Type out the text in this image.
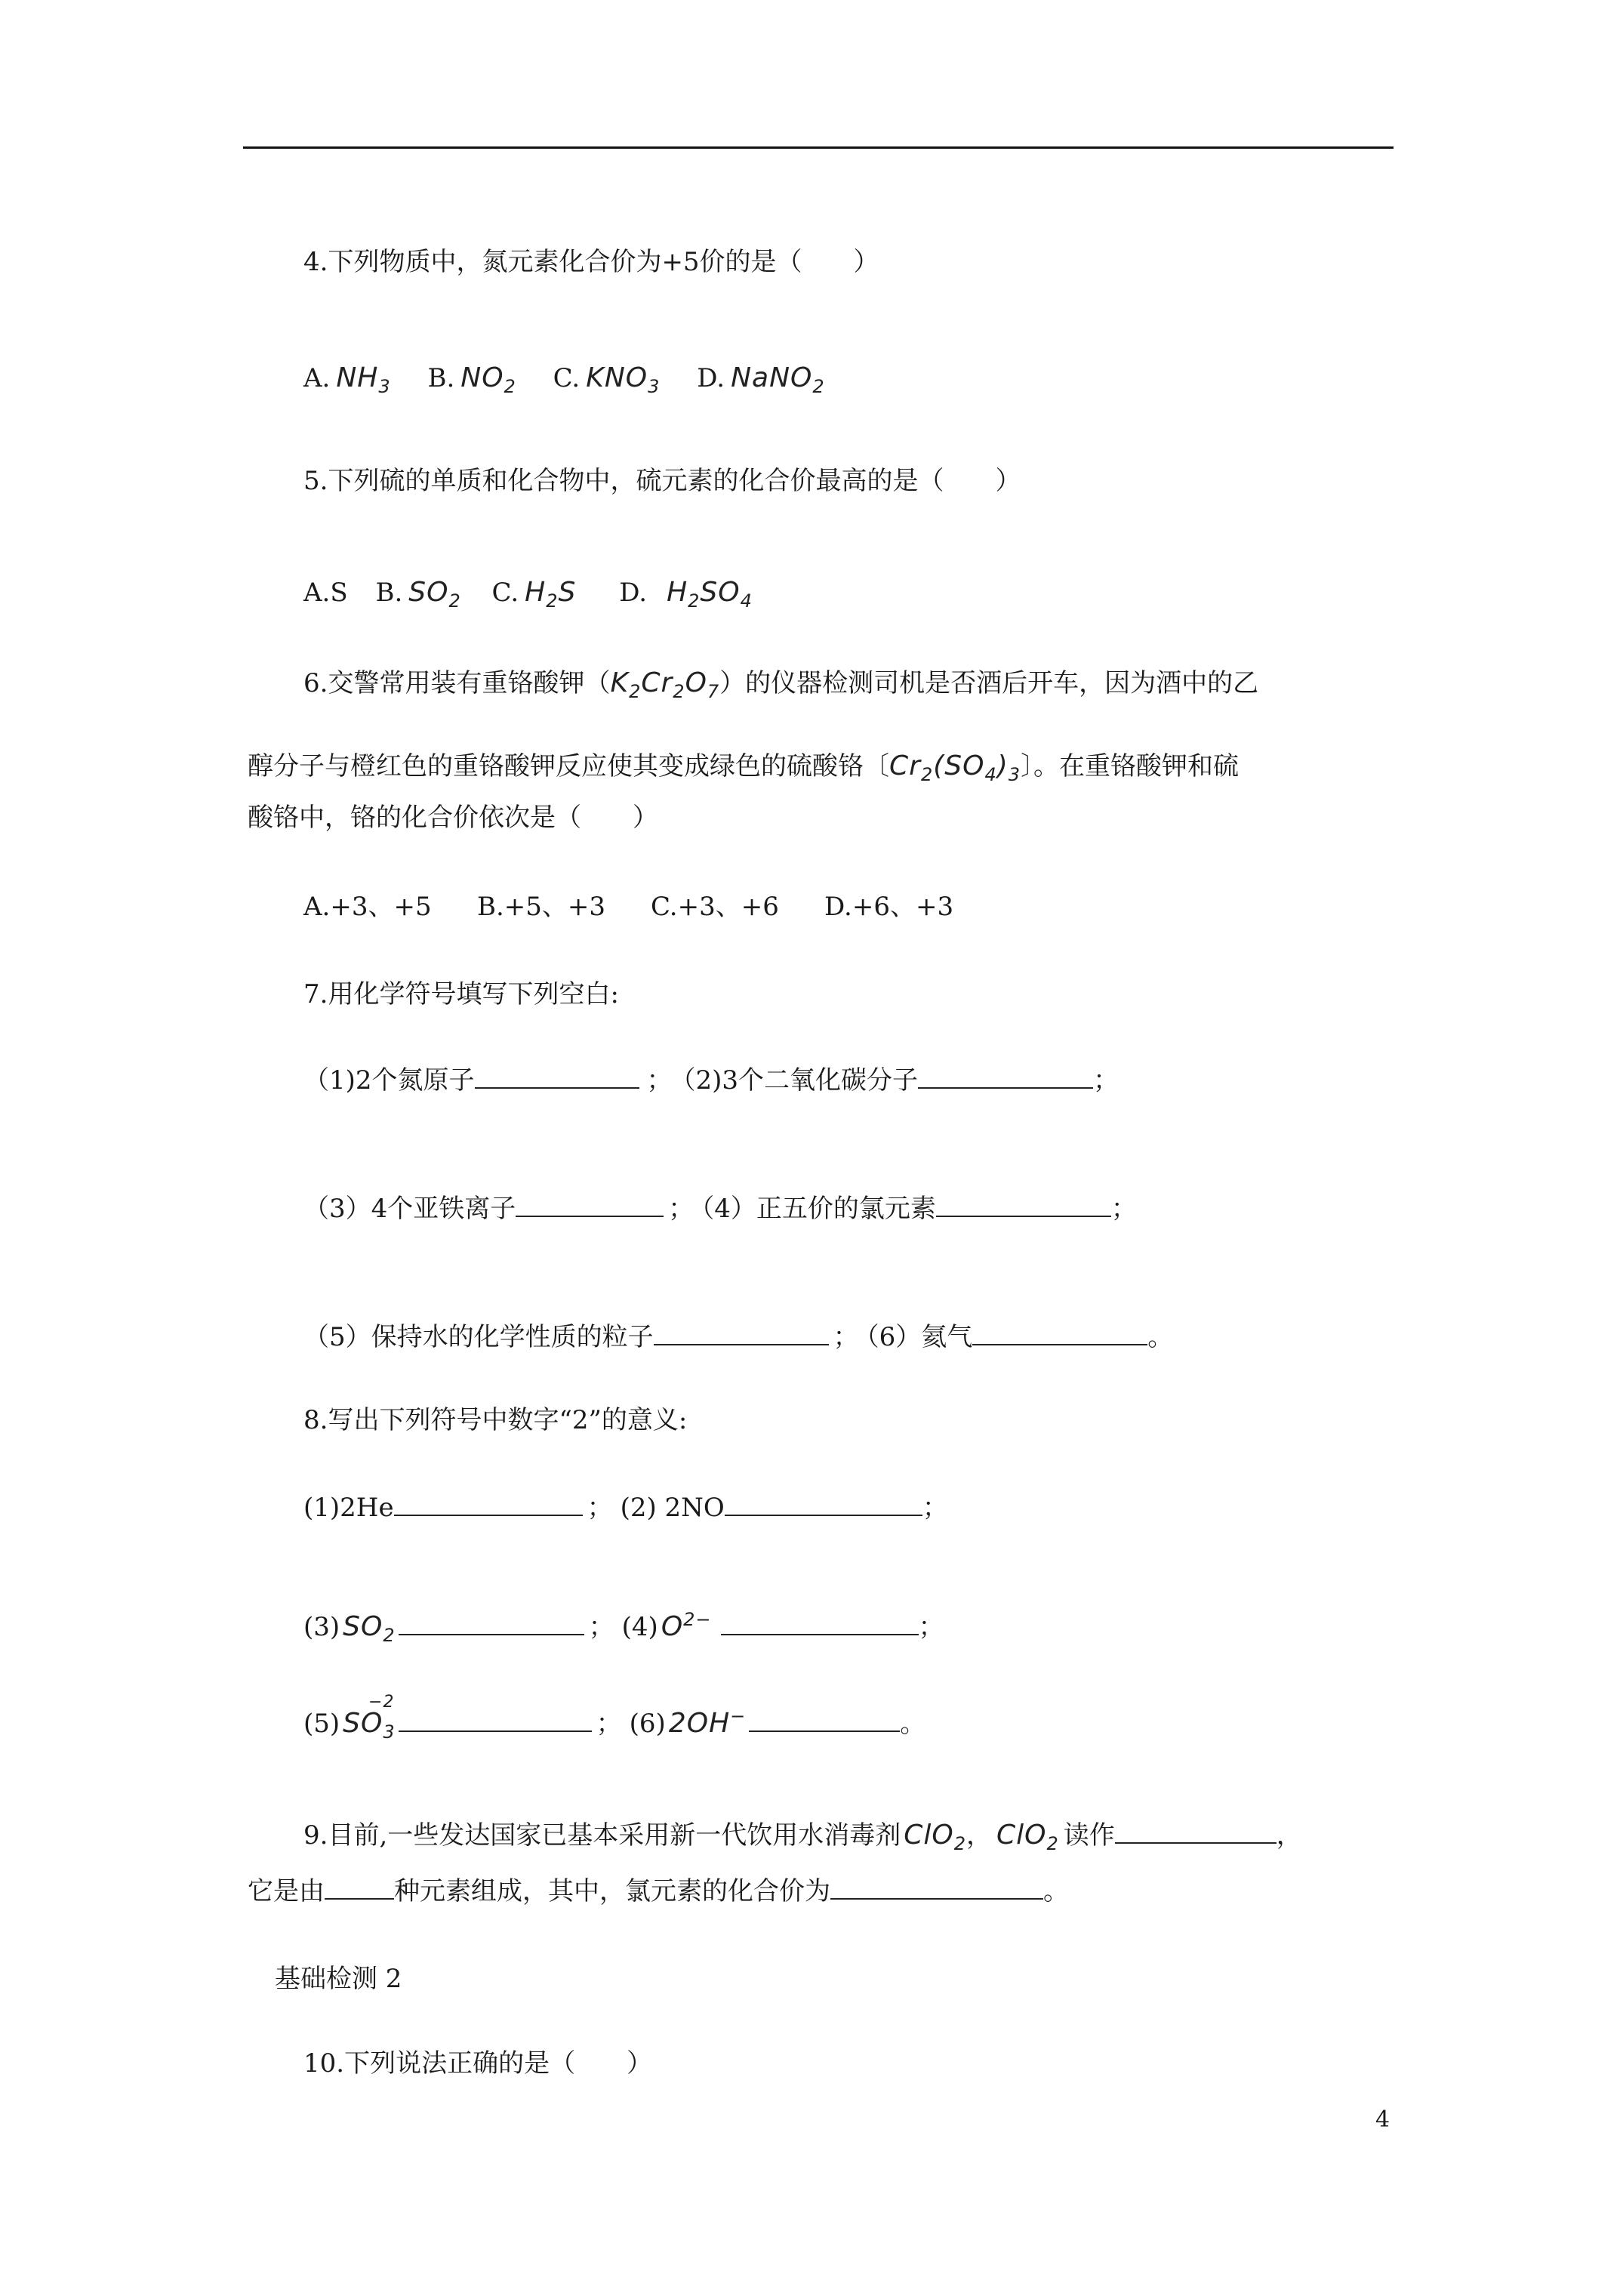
4.下列物质中，氮元素化合价为+5价的是（　　）
A. $NH_3$ B. $NO_2$ C. $KNO_3$ D. NaNO$_2$
5.下列硫的单质和化合物中，硫元素的化合价最高的是（　　）
A.S B. $SO_2$ C. $H_2S$ D. $H_2SO_4$
6.交警常用装有重铬酸钾$(K_2Cr_2O_7)$的仪器检测司机是否酒后开车，因为酒中的乙
醇分子与橙红色的重铬酸钾反应使其变成绿色的硫酸铬〔$Cr_2(SO_4)_3$〕。在重铬酸钾和硫
酸铬中，铬的化合价依次是（　　）
A.+3、+5 B.+5、+3 C.+3、+6 D.+6、+3
7.用化学符号填写下列空白:
（1)2个氮原子	； （2)3个二氧化碳分子	；
（3）4个亚铁离子	； （4）正五价的氯元素	；
（5）保持水的化学性质的粒子	； （6）氦气	。
8.写出下列符号中数字“2”的意义:
(1)2He	； (2) 2NO	；
(3) $SO_2$	； (4) $O^{2-}$	；
(5) S
−2
$O_3$	； (6) 2OH−	。
9.目前,一些发达国家已基本采用新一代饮用水消毒剂 ClO$_2$， ClO$_2$ 读作	，
它是由	种元素组成，其中，氯元素的化合价为	。
基础检测 2
10.下列说法正确的是（　　）
4
